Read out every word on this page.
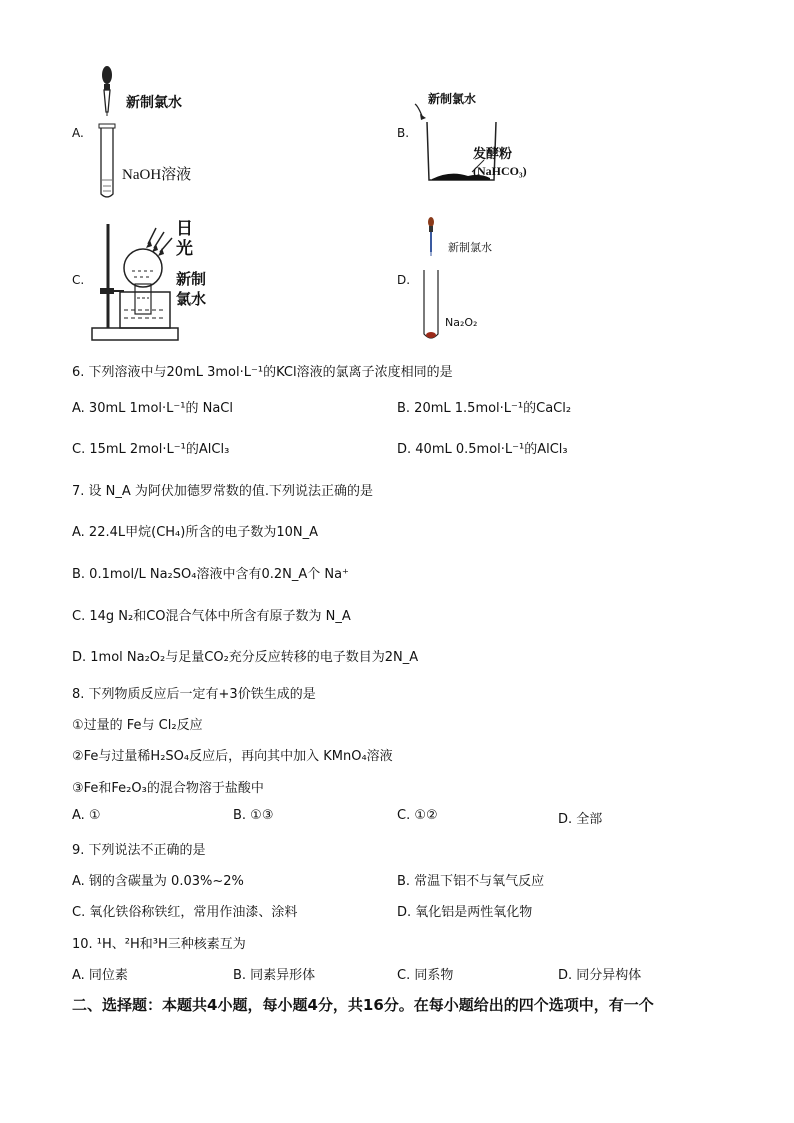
A.
新制氯水
NaOH溶液
B.
新制氯水
发酵粉
(NaHCO₃)
C.
日
光
新制
氯水
D.
新制氯水
Na₂O₂
6. 下列溶液中与20mL 3mol·L⁻¹的KCl溶液的氯离子浓度相同的是
A. 30mL 1mol·L⁻¹的 NaCl	B. 20mL 1.5mol·L⁻¹的CaCl₂
C. 15mL 2mol·L⁻¹的AlCl₃	D. 40mL 0.5mol·L⁻¹的AlCl₃
7. 设 N_A 为阿伏加德罗常数的值.下列说法正确的是
A. 22.4L甲烷(CH₄)所含的电子数为10N_A
B. 0.1mol/L Na₂SO₄溶液中含有0.2N_A个 Na⁺
C. 14g N₂和CO混合气体中所含有原子数为 N_A
D. 1mol Na₂O₂与足量CO₂充分反应转移的电子数目为2N_A
8. 下列物质反应后一定有+3价铁生成的是
①过量的 Fe与 Cl₂反应
②Fe与过量稀H₂SO₄反应后，再向其中加入 KMnO₄溶液
③Fe和Fe₂O₃的混合物溶于盐酸中
A. ①	B. ①③	C. ①②	D. 全部
9. 下列说法不正确的是
A. 钢的含碳量为 0.03%~2%	B. 常温下铝不与氧气反应
C. 氧化铁俗称铁红，常用作油漆、涂料	D. 氧化铝是两性氧化物
10. ¹H、²H和³H三种核素互为
A. 同位素	B. 同素异形体	C. 同系物	D. 同分异构体
二、选择题：本题共4小题，每小题4分，共16分。在每小题给出的四个选项中，有一个
